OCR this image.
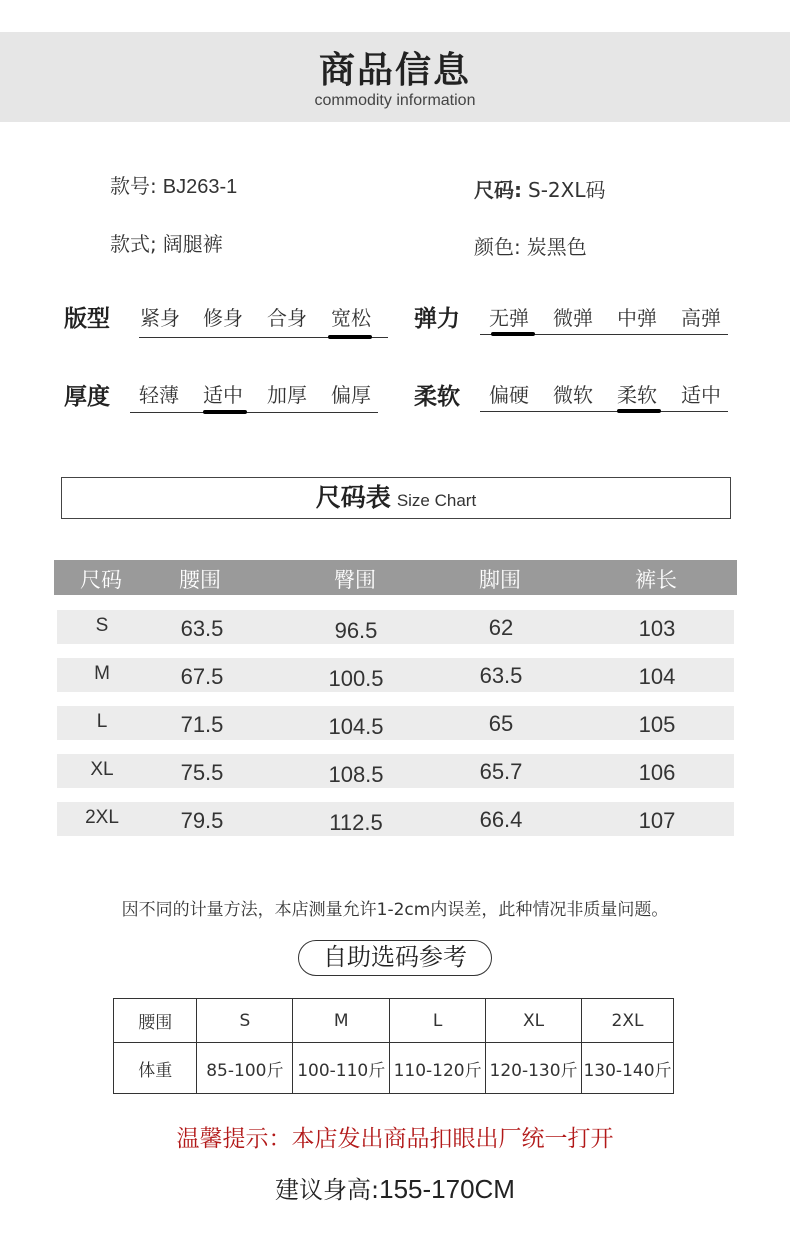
商品信息
commodity information
款号: BJ263-1	尺码: S-2XL码
款式; 阔腿裤	颜色: 炭黑色
版型 紧身 修身 合身 宽松 弹力 无弹 微弹 中弹 高弹
厚度 轻薄 适中 加厚 偏厚 柔软 偏硬 微软 柔软 适中
尺码表 Size Chart
尺码	腰围	臀围	脚围	裤长
S	63.5	96.5	62	103
M	67.5	100.5	63.5	104
L	71.5	104.5	65	105
XL	75.5	108.5	65.7	106
2XL	79.5	112.5	66.4	107
因不同的计量方法，本店测量允许1-2cm内误差，此种情况非质量问题。
自助选码参考
腰围	S	M	L	XL	2XL
体重	85-100斤	100-110斤	110-120斤	120-130斤	130-140斤
温馨提示：本店发出商品扣眼出厂统一打开
建议身高:155-170CM
